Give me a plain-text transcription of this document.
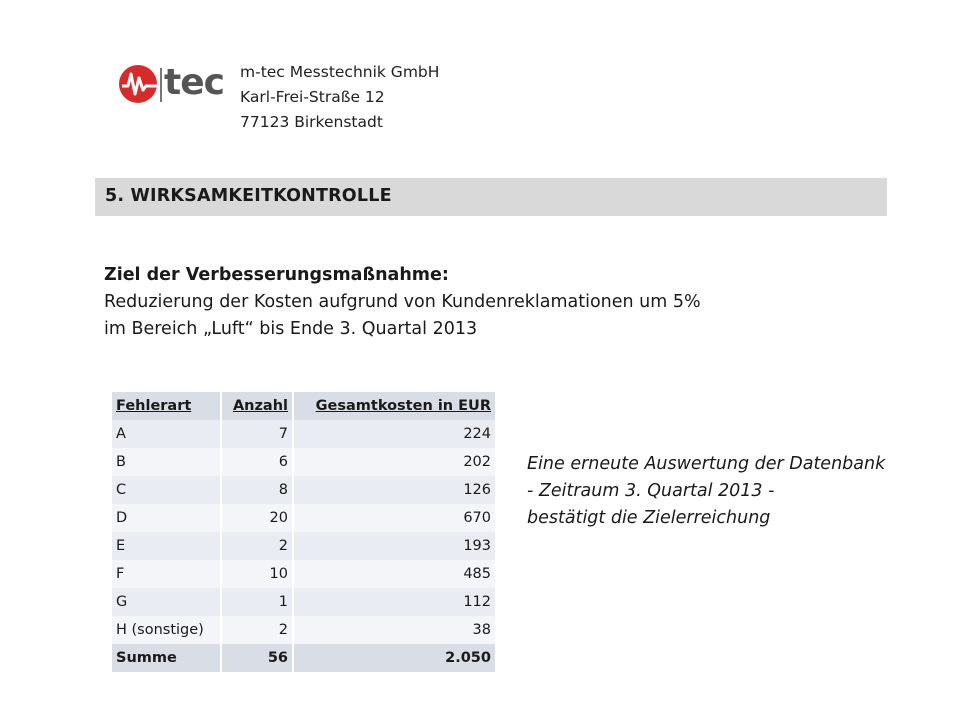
tec m-tec Messtechnik GmbH
Karl-Frei-Straße 12
77123 Birkenstadt
5. WIRKSAMKEITKONTROLLE
Ziel der Verbesserungsmaßnahme:
Reduzierung der Kosten aufgrund von Kundenreklamationen um 5%
im Bereich „Luft“ bis Ende 3. Quartal 2013
Fehlerart	Anzahl	Gesamtkosten in EUR
A	7	224
B	6	202
C	8	126
D	20	670
E	2	193
F	10	485
G	1	112
H (sonstige)	2	38
Summe	56	2.050
Eine erneute Auswertung der Datenbank
- Zeitraum 3. Quartal 2013 -
bestätigt die Zielerreichung
